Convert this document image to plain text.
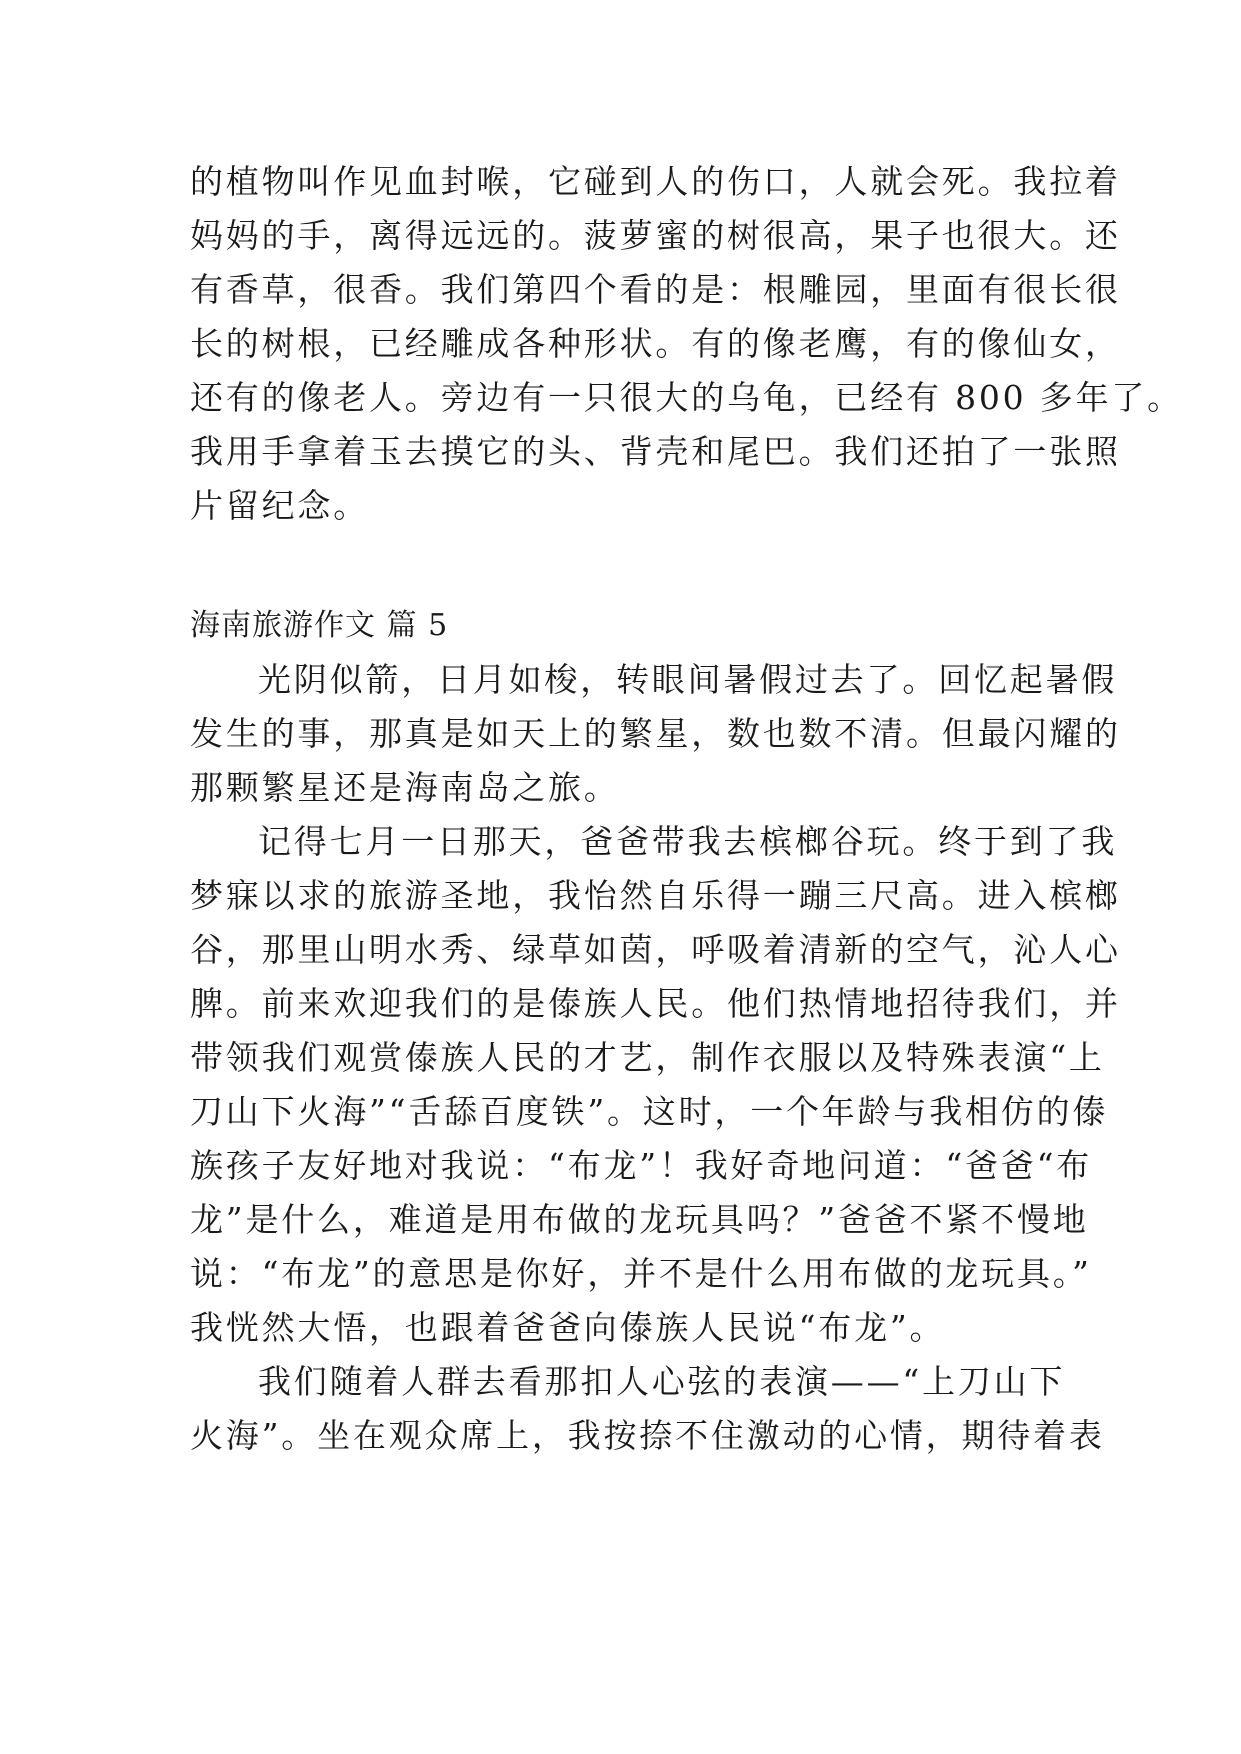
的植物叫作见血封喉，它碰到人的伤口，人就会死。我拉着
妈妈的手，离得远远的。菠萝蜜的树很高，果子也很大。还
有香草，很香。我们第四个看的是：根雕园，里面有很长很
长的树根，已经雕成各种形状。有的像老鹰，有的像仙女，
还有的像老人。旁边有一只很大的乌龟，已经有 800 多年了。
我用手拿着玉去摸它的头、背壳和尾巴。我们还拍了一张照
片留纪念。
海南旅游作文 篇 5
光阴似箭，日月如梭，转眼间暑假过去了。回忆起暑假
发生的事，那真是如天上的繁星，数也数不清。但最闪耀的
那颗繁星还是海南岛之旅。
记得七月一日那天，爸爸带我去槟榔谷玩。终于到了我
梦寐以求的旅游圣地，我怡然自乐得一蹦三尺高。进入槟榔
谷，那里山明水秀、绿草如茵，呼吸着清新的空气，沁人心
脾。前来欢迎我们的是傣族人民。他们热情地招待我们，并
带领我们观赏傣族人民的才艺，制作衣服以及特殊表演“上
刀山下火海”“舌舔百度铁”。这时，一个年龄与我相仿的傣
族孩子友好地对我说：“布龙”！我好奇地问道：“爸爸“布
龙”是什么，难道是用布做的龙玩具吗？”爸爸不紧不慢地
说：“布龙”的意思是你好，并不是什么用布做的龙玩具。”
我恍然大悟，也跟着爸爸向傣族人民说“布龙”。
我们随着人群去看那扣人心弦的表演——“上刀山下
火海”。坐在观众席上，我按捺不住激动的心情，期待着表
